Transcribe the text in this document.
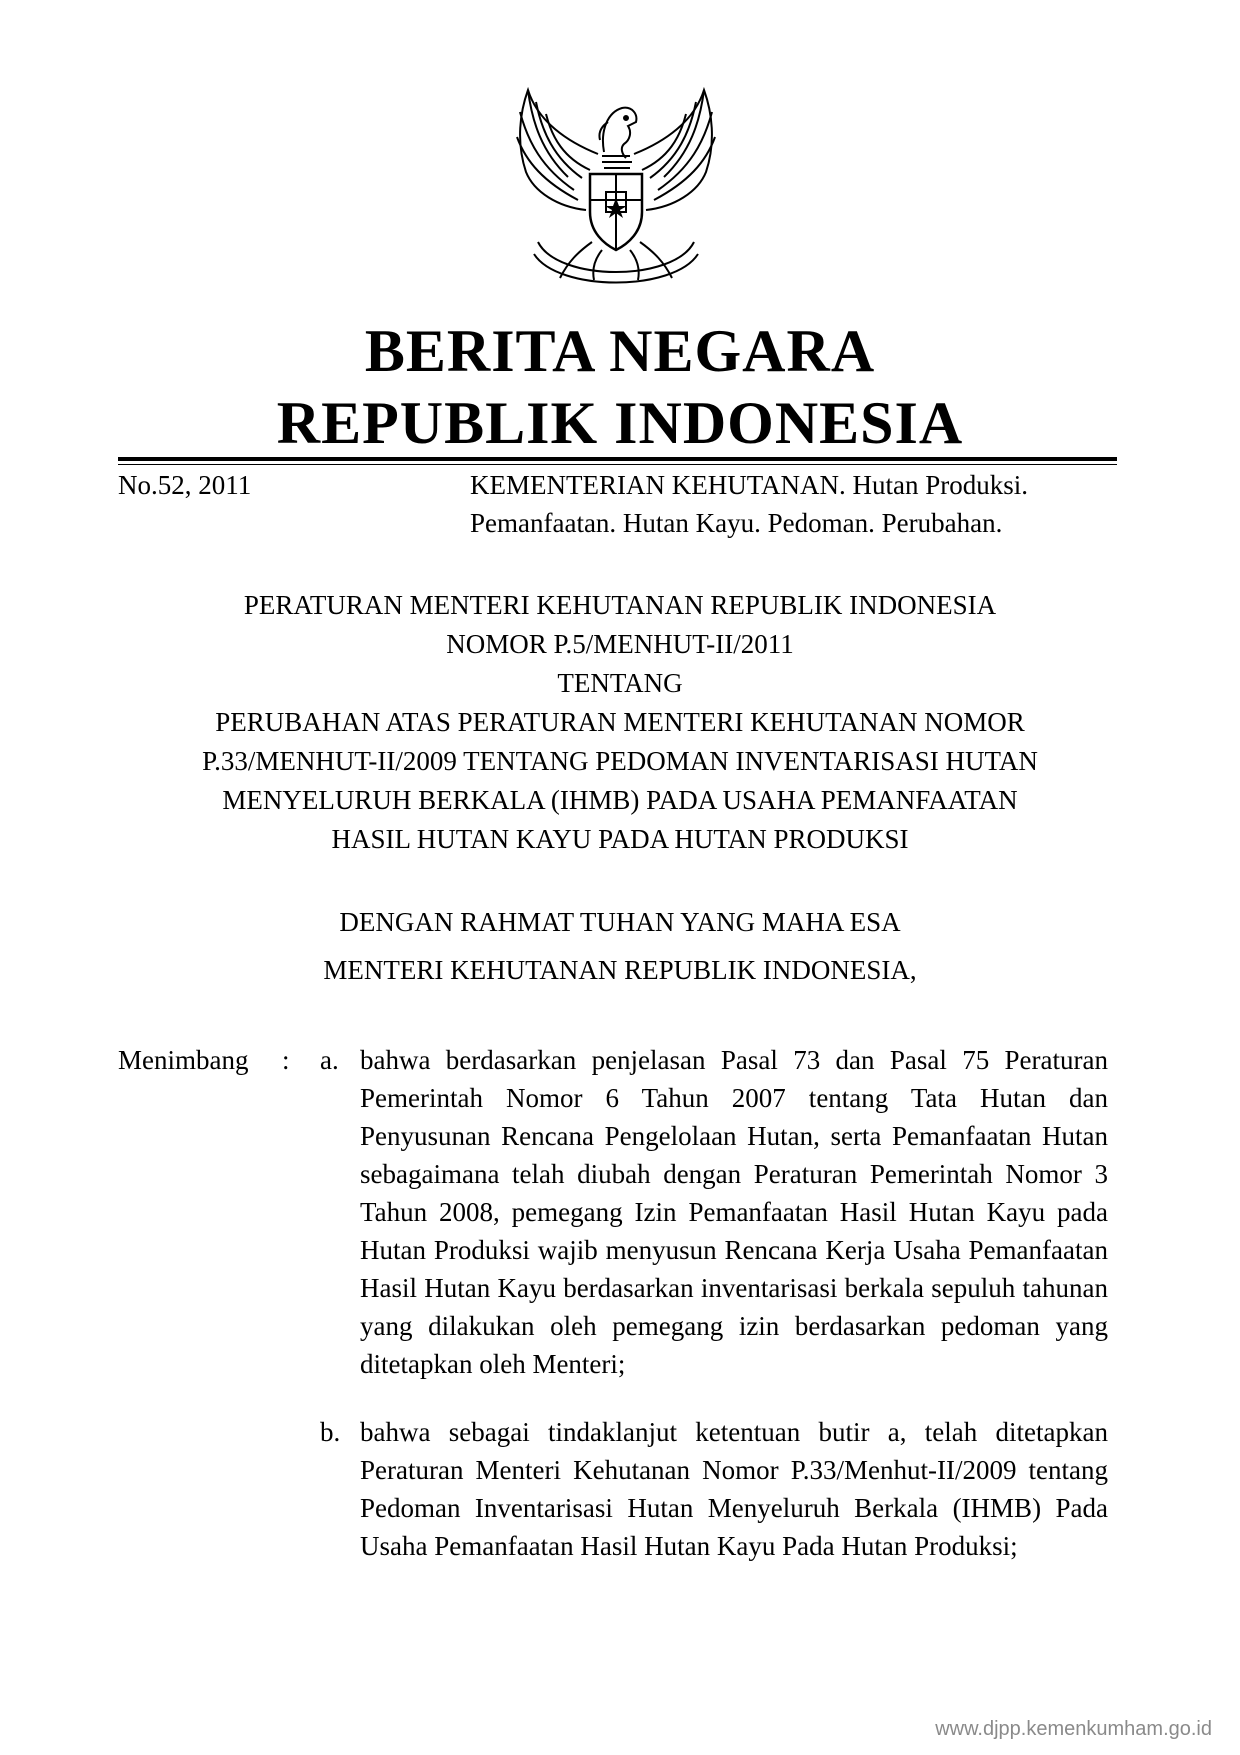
BERITA NEGARA
REPUBLIK INDONESIA
No.52, 2011	KEMENTERIAN KEHUTANAN. Hutan Produksi.
Pemanfaatan. Hutan Kayu. Pedoman. Perubahan.
PERATURAN MENTERI KEHUTANAN REPUBLIK INDONESIA
NOMOR P.5/MENHUT-II/2011
TENTANG
PERUBAHAN ATAS PERATURAN MENTERI KEHUTANAN NOMOR
P.33/MENHUT-II/2009 TENTANG PEDOMAN INVENTARISASI HUTAN
MENYELURUH BERKALA (IHMB) PADA USAHA PEMANFAATAN
HASIL HUTAN KAYU PADA HUTAN PRODUKSI
DENGAN RAHMAT TUHAN YANG MAHA ESA
MENTERI KEHUTANAN REPUBLIK INDONESIA,
Menimbang : a. bahwa berdasarkan penjelasan Pasal 73 dan Pasal 75 Peraturan Pemerintah Nomor 6 Tahun 2007 tentang Tata Hutan dan Penyusunan Rencana Pengelolaan Hutan, serta Pemanfaatan Hutan sebagaimana telah diubah dengan Peraturan Pemerintah Nomor 3 Tahun 2008, pemegang Izin Pemanfaatan Hasil Hutan Kayu pada Hutan Produksi wajib menyusun Rencana Kerja Usaha Pemanfaatan Hasil Hutan Kayu berdasarkan inventarisasi berkala sepuluh tahunan yang dilakukan oleh pemegang izin berdasarkan pedoman yang ditetapkan oleh Menteri;
b. bahwa sebagai tindaklanjut ketentuan butir a, telah ditetapkan Peraturan Menteri Kehutanan Nomor P.33/Menhut-II/2009 tentang Pedoman Inventarisasi Hutan Menyeluruh Berkala (IHMB) Pada Usaha Pemanfaatan Hasil Hutan Kayu Pada Hutan Produksi;
www.djpp.kemenkumham.go.id
